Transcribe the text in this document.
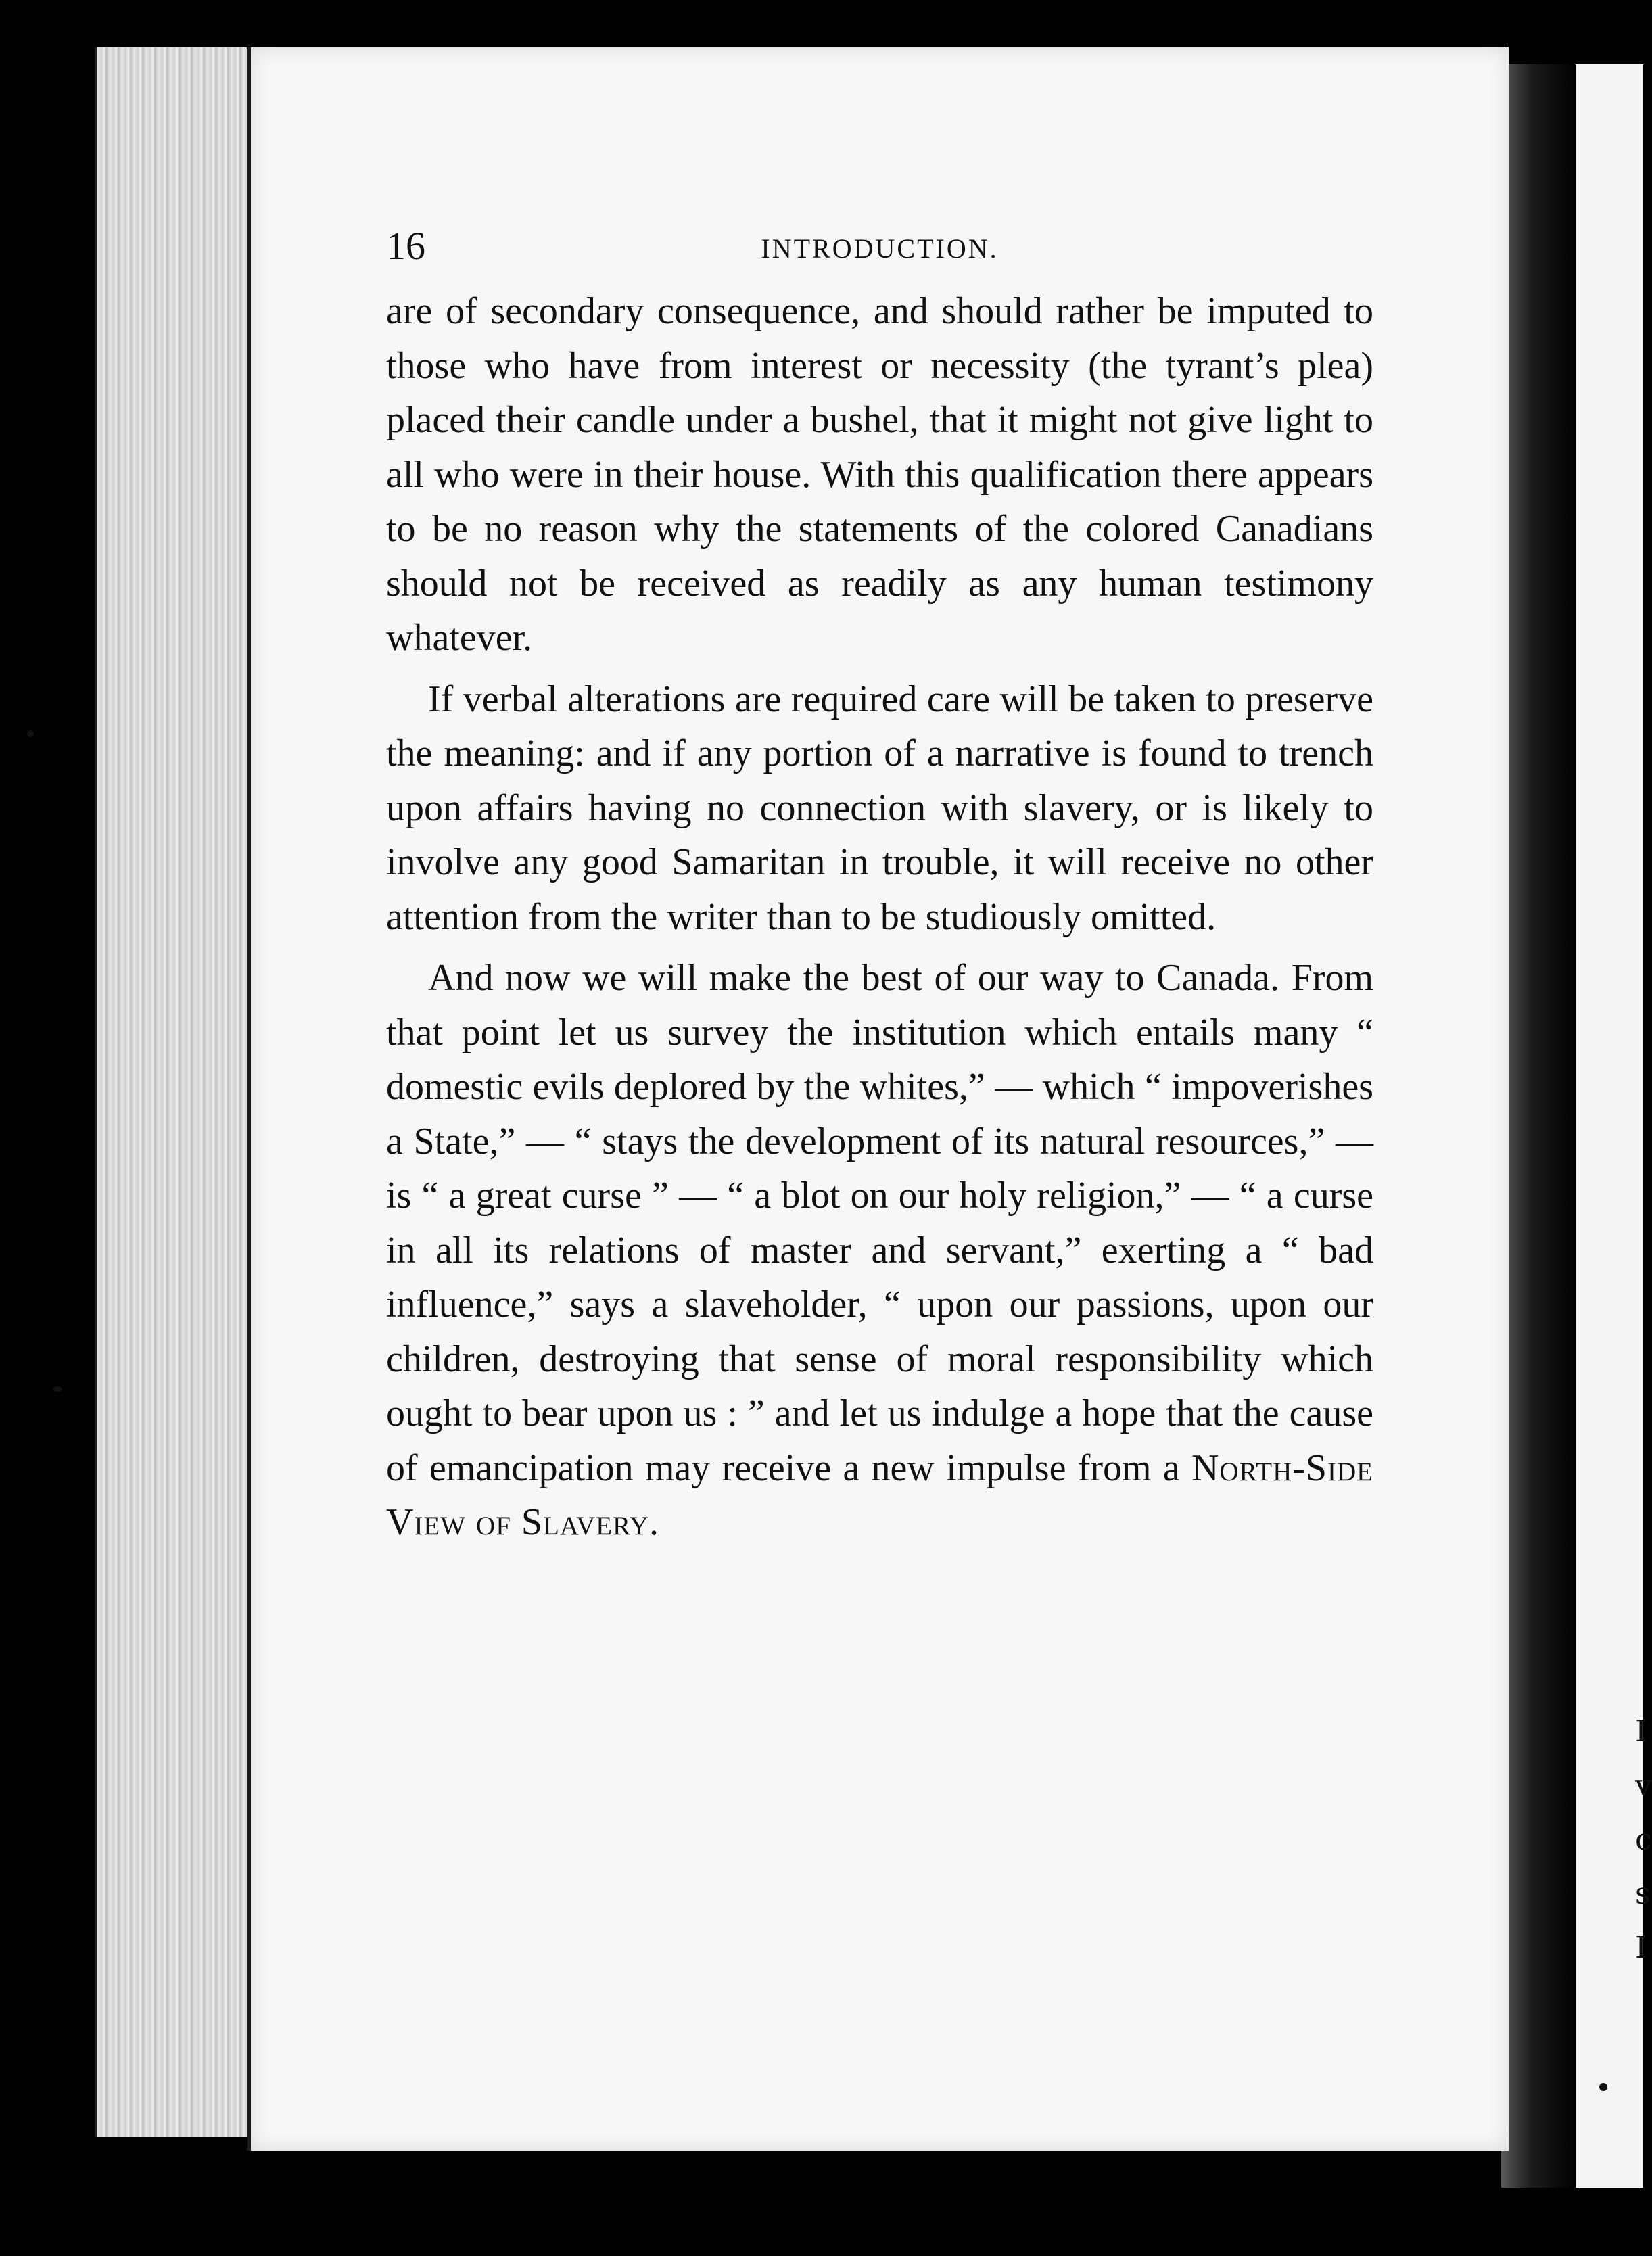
I
v
c
s
I
16	INTRODUCTION.

are of secondary consequence, and should rather be imputed to those who have from interest or necessity (the tyrant’s plea) placed their candle under a bushel, that it might not give light to all who were in their house. With this qualification there appears to be no reason why the statements of the colored Canadians should not be received as readily as any human testimony whatever.

If verbal alterations are required care will be taken to preserve the meaning: and if any portion of a narrative is found to trench upon affairs having no connection with slavery, or is likely to involve any good Samaritan in trouble, it will receive no other attention from the writer than to be studiously omitted.

And now we will make the best of our way to Canada. From that point let us survey the institution which entails many “ domestic evils deplored by the whites,” — which “ impoverishes a State,” — “ stays the development of its natural resources,” — is “ a great curse ” — “ a blot on our holy religion,” — “ a curse in all its relations of master and servant,” exerting a “ bad influence,” says a slaveholder, “ upon our passions, upon our children, destroying that sense of moral responsibility which ought to bear upon us : ” and let us indulge a hope that the cause of emancipation may receive a new impulse from a North-Side View of Slavery.
